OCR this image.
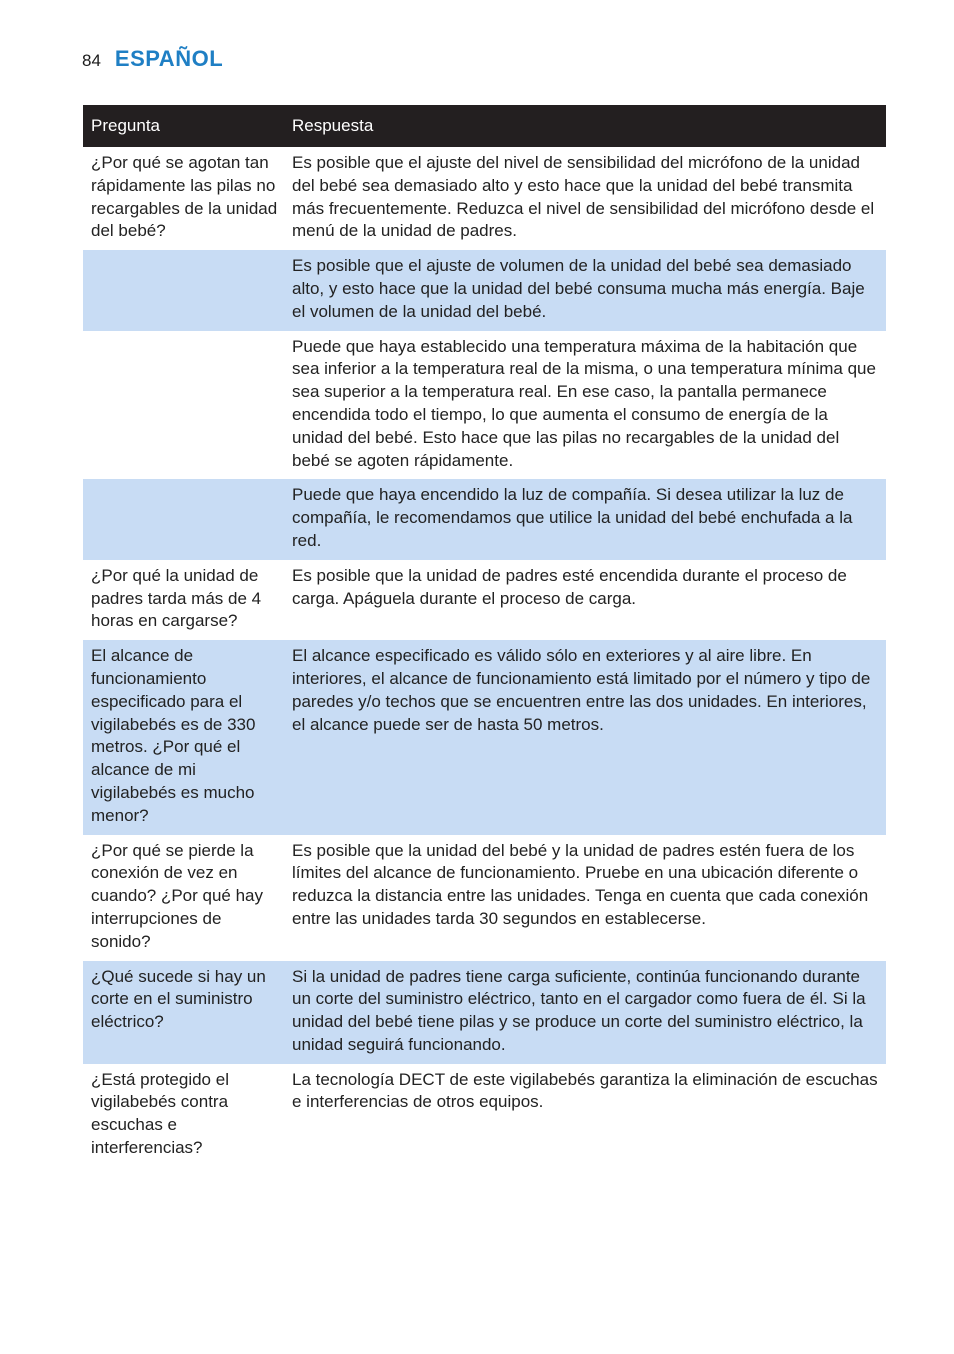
84 ESPAÑOL
Pregunta	Respuesta
¿Por qué se agotan tan rápidamente las pilas no recargables de la unidad del bebé?	Es posible que el ajuste del nivel de sensibilidad del micrófono de la unidad del bebé sea demasiado alto y esto hace que la unidad del bebé transmita más frecuentemente. Reduzca el nivel de sensibilidad del micrófono desde el menú de la unidad de padres.
	Es posible que el ajuste de volumen de la unidad del bebé sea demasiado alto, y esto hace que la unidad del bebé consuma mucha más energía. Baje el volumen de la unidad del bebé.
	Puede que haya establecido una temperatura máxima de la habitación que sea inferior a la temperatura real de la misma, o una temperatura mínima que sea superior a la temperatura real. En ese caso, la pantalla permanece encendida todo el tiempo, lo que aumenta el consumo de energía de la unidad del bebé. Esto hace que las pilas no recargables de la unidad del bebé se agoten rápidamente.
	Puede que haya encendido la luz de compañía. Si desea utilizar la luz de compañía, le recomendamos que utilice la unidad del bebé enchufada a la red.
¿Por qué la unidad de padres tarda más de 4 horas en cargarse?	Es posible que la unidad de padres esté encendida durante el proceso de carga. Apáguela durante el proceso de carga.
El alcance de funcionamiento especificado para el vigilabebés es de 330 metros. ¿Por qué el alcance de mi vigilabebés es mucho menor?	El alcance especificado es válido sólo en exteriores y al aire libre. En interiores, el alcance de funcionamiento está limitado por el número y tipo de paredes y/o techos que se encuentren entre las dos unidades. En interiores, el alcance puede ser de hasta 50 metros.
¿Por qué se pierde la conexión de vez en cuando? ¿Por qué hay interrupciones de sonido?	Es posible que la unidad del bebé y la unidad de padres estén fuera de los límites del alcance de funcionamiento. Pruebe en una ubicación diferente o reduzca la distancia entre las unidades. Tenga en cuenta que cada conexión entre las unidades tarda 30 segundos en establecerse.
¿Qué sucede si hay un corte en el suministro eléctrico?	Si la unidad de padres tiene carga suficiente, continúa funcionando durante un corte del suministro eléctrico, tanto en el cargador como fuera de él. Si la unidad del bebé tiene pilas y se produce un corte del suministro eléctrico, la unidad seguirá funcionando.
¿Está protegido el vigilabebés contra escuchas e interferencias?	La tecnología DECT de este vigilabebés garantiza la eliminación de escuchas e interferencias de otros equipos.
